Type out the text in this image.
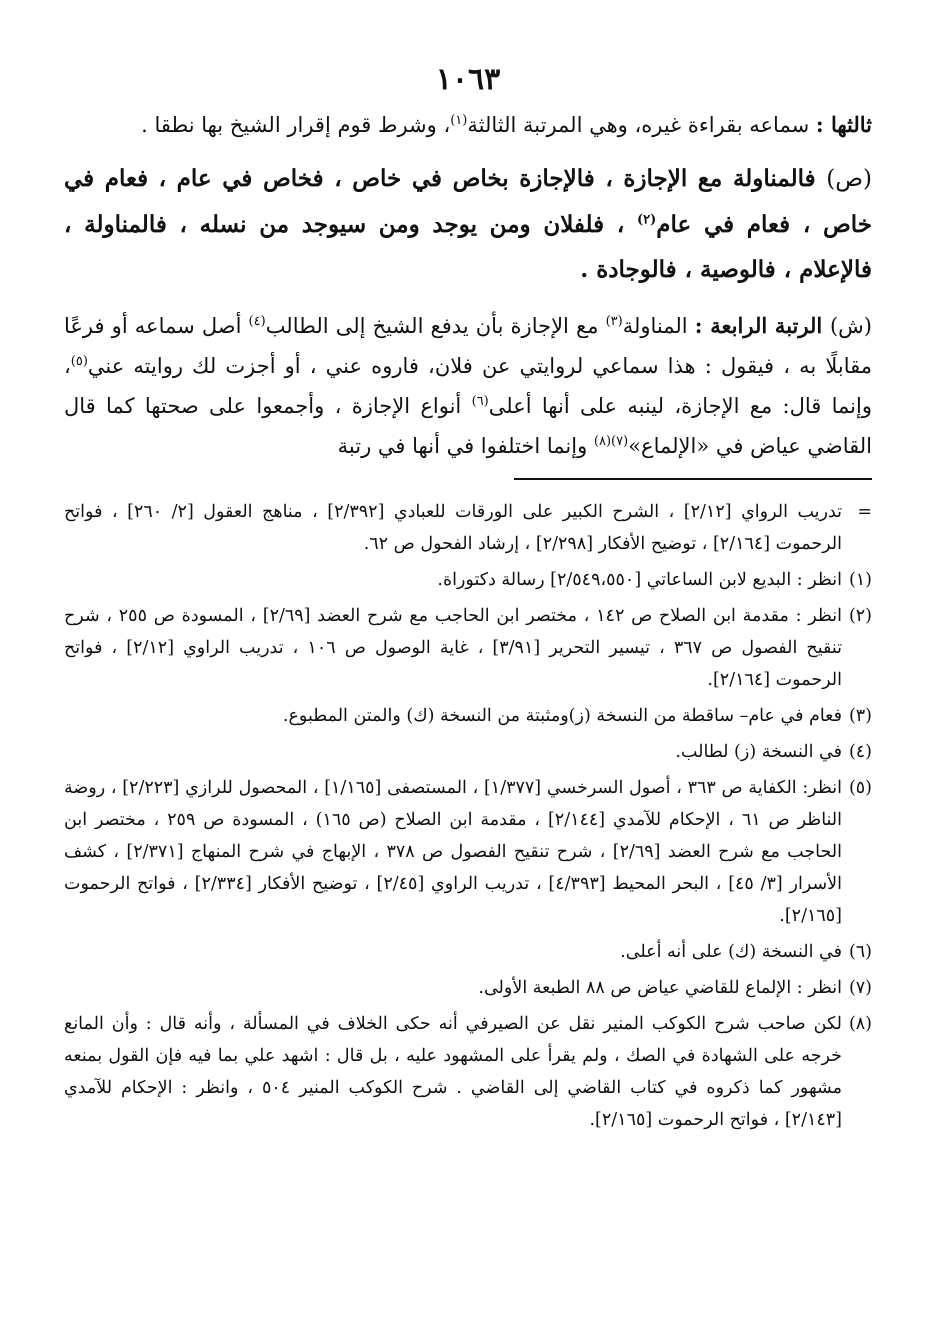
١٠٦٣

ثالثها : سماعه بقراءة غيره، وهي المرتبة الثالثة$^{(١)}$، وشرط قوم إقرار الشيخ بها نطقا .

(ص) فالمناولة مع الإجازة ، فالإجازة بخاص في خاص ، فخاص في عام ، فعام في خاص ، فعام في عام$^{(٢)}$ ، فلفلان ومن يوجد ومن سيوجد من نسله ، فالمناولة ، فالإعلام ، فالوصية ، فالوجادة .

(ش) الرتبة الرابعة : المناولة$^{(٣)}$ مع الإجازة بأن يدفع الشيخ إلى الطالب$^{(٤)}$ أصل سماعه أو فرعًا مقابلًا به ، فيقول : هذا سماعي لروايتي عن فلان، فاروه عني ، أو أجزت لك روايته عني$^{(٥)}$، وإنما قال: مع الإجازة، لينبه على أنها أعلى$^{(٦)}$ أنواع الإجازة ، وأجمعوا على صحتها كما قال القاضي عياض في «الإلماع»$^{(٧)(٨)}$ وإنما اختلفوا في أنها في رتبة

=
تدريب الرواي [٢/١٢] ، الشرح الكبير على الورقات للعبادي [٢/٣٩٢] ، مناهج العقول [٢/ ٢٦٠] ، فواتح الرحموت [٢/١٦٤] ، توضيح الأفكار [٢/٢٩٨] ، إرشاد الفحول ص ٦٢.
(١)
انظر : البديع لابن الساعاتي [٢/٥٤٩،٥٥٠] رسالة دكتوراة.
(٢)
انظر : مقدمة ابن الصلاح ص ١٤٢ ، مختصر ابن الحاجب مع شرح العضد [٢/٦٩] ، المسودة ص ٢٥٥ ، شرح تنقيح الفصول ص ٣٦٧ ، تيسير التحرير [٣/٩١] ، غاية الوصول ص ١٠٦ ، تدريب الراوي [٢/١٢] ، فواتح الرحموت [٢/١٦٤].
(٣)
فعام في عام– ساقطة من النسخة (ز)ومثبتة من النسخة (ك) والمتن المطبوع.
(٤)
في النسخة (ز) لطالب.
(٥)
انظر: الكفاية ص ٣٦٣ ، أصول السرخسي [١/٣٧٧] ، المستصفى [١/١٦٥] ، المحصول للرازي [٢/٢٢٣] ، روضة الناظر ص ٦١ ، الإحكام للآمدي [٢/١٤٤] ، مقدمة ابن الصلاح (ص ١٦٥) ، المسودة ص ٢٥٩ ، مختصر ابن الحاجب مع شرح العضد [٢/٦٩] ، شرح تنقيح الفصول ص ٣٧٨ ، الإبهاج في شرح المنهاج [٢/٣٧١] ، كشف الأسرار [٣/ ٤٥] ، البحر المحيط [٤/٣٩٣] ، تدريب الراوي [٢/٤٥] ، توضيح الأفكار [٢/٣٣٤] ، فواتح الرحموت [٢/١٦٥].
(٦)
في النسخة (ك) على أنه أعلى.
(٧)
انظر : الإلماع للقاضي عياض ص ٨٨ الطبعة الأولى.
(٨)
لكن صاحب شرح الكوكب المنير نقل عن الصيرفي أنه حكى الخلاف في المسألة ، وأنه قال : وأن المانع خرجه على الشهادة في الصك ، ولم يقرأ على المشهود عليه ، بل قال : اشهد علي بما فيه فإن القول بمنعه مشهور كما ذكروه في كتاب القاضي إلى القاضي . شرح الكوكب المنير ٥٠٤ ، وانظر : الإحكام للآمدي [٢/١٤٣] ، فواتح الرحموت [٢/١٦٥].
